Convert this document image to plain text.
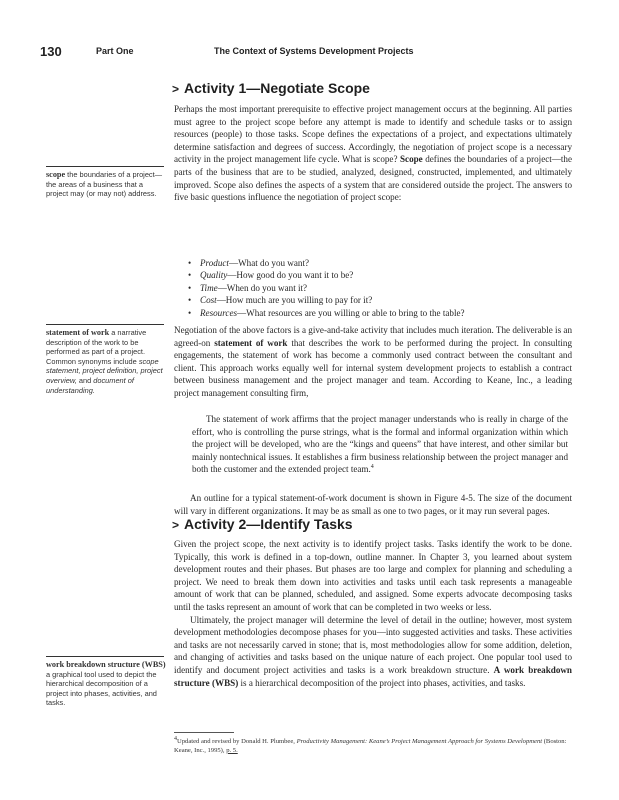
130	Part One	The Context of Systems Development Projects
> Activity 1—Negotiate Scope

Perhaps the most important prerequisite to effective project management occurs at the beginning. All parties must agree to the project scope before any attempt is made to identify and schedule tasks or to assign resources (people) to those tasks. Scope defines the expectations of a project, and expectations ultimately determine satisfaction and degrees of success. Accordingly, the negotiation of project scope is a necessary activity in the project management life cycle. What is scope? Scope defines the boundaries of a project—the parts of the business that are to be studied, analyzed, designed, constructed, implemented, and ultimately improved. Scope also defines the aspects of a system that are considered outside the project. The answers to five basic questions influence the negotiation of project scope:

scope the boundaries of a project—the areas of a business that a project may (or may not) address.
• Product—What do you want?
• Quality—How good do you want it to be?
• Time—When do you want it?
• Cost—How much are you willing to pay for it?
• Resources—What resources are you willing or able to bring to the table?

Negotiation of the above factors is a give-and-take activity that includes much iteration. The deliverable is an agreed-on statement of work that describes the work to be performed during the project. In consulting engagements, the statement of work has become a commonly used contract between the consultant and client. This approach works equally well for internal system development projects to establish a contract between business management and the project manager and team. According to Keane, Inc., a leading project management consulting firm,

statement of work a narrative description of the work to be performed as part of a project. Common synonyms include scope statement, project definition, project overview, and document of understanding.
The statement of work affirms that the project manager understands who is really in charge of the effort, who is controlling the purse strings, what is the formal and informal organization within which the project will be developed, who are the “kings and queens” that have interest, and other similar but mainly nontechnical issues. It establishes a firm business relationship between the project manager and both the customer and the extended project team.$^4$

An outline for a typical statement-of-work document is shown in Figure 4-5. The size of the document will vary in different organizations. It may be as small as one to two pages, or it may run several pages.

> Activity 2—Identify Tasks

Given the project scope, the next activity is to identify project tasks. Tasks identify the work to be done. Typically, this work is defined in a top-down, outline manner. In Chapter 3, you learned about system development routes and their phases. But phases are too large and complex for planning and scheduling a project. We need to break them down into activities and tasks until each task represents a manageable amount of work that can be planned, scheduled, and assigned. Some experts advocate decomposing tasks until the tasks represent an amount of work that can be completed in two weeks or less.

Ultimately, the project manager will determine the level of detail in the outline; however, most system development methodologies decompose phases for you—into suggested activities and tasks. These activities and tasks are not necessarily carved in stone; that is, most methodologies allow for some addition, deletion, and changing of activities and tasks based on the unique nature of each project. One popular tool used to identify and document project activities and tasks is a work breakdown structure. A work breakdown structure (WBS) is a hierarchical decomposition of the project into phases, activities, and tasks.

work breakdown structure (WBS) a graphical tool used to depict the hierarchical decomposition of a project into phases, activities, and tasks.
$^4$Updated and revised by Donald H. Plumbee, Productivity Management: Keane’s Project Management Approach for Systems Development (Boston: Keane, Inc., 1995), p. 5.
